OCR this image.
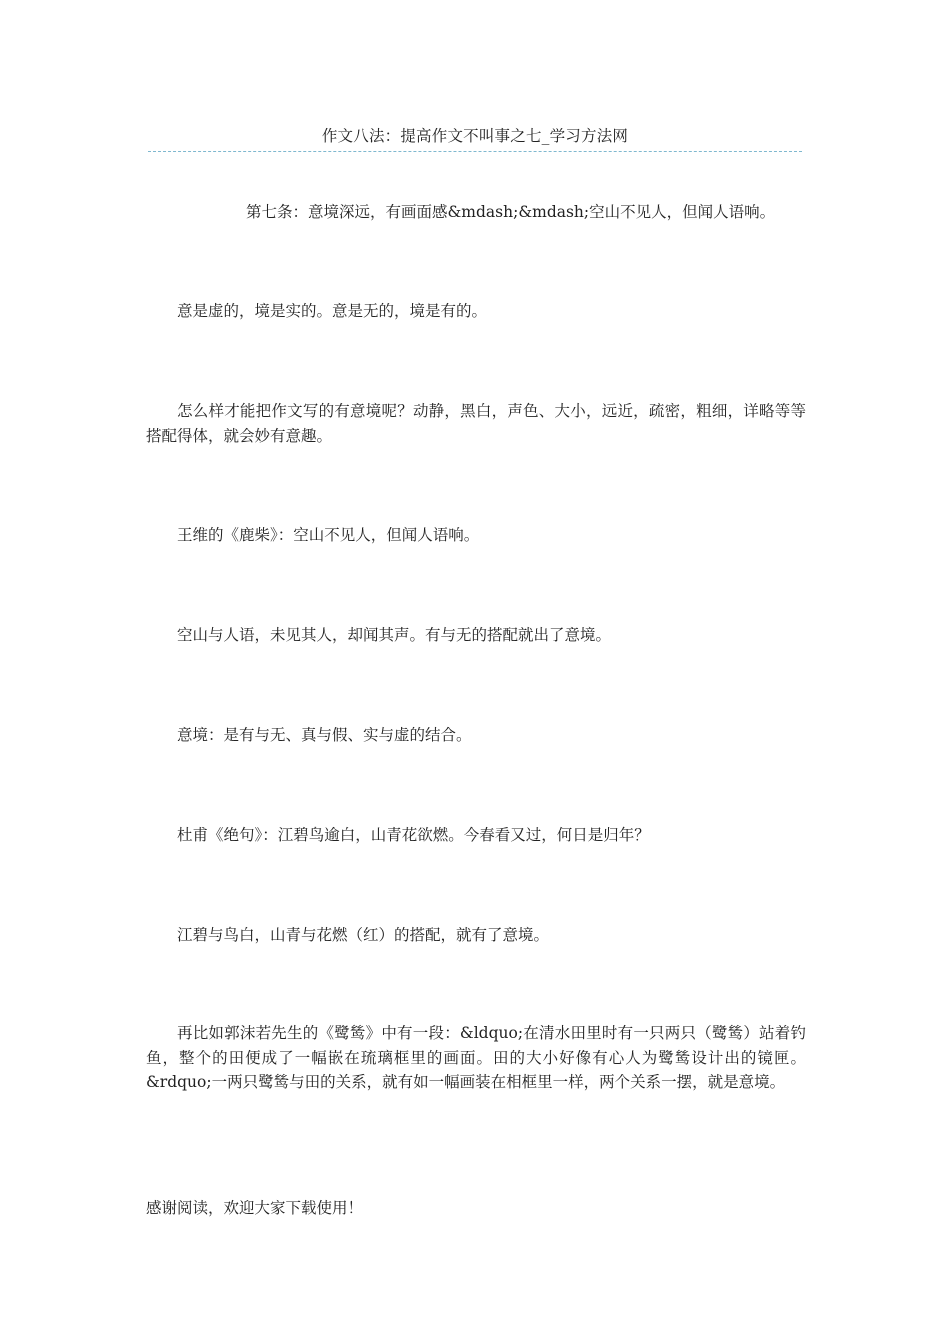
作文八法：提高作文不叫事之七_学习方法网

第七条：意境深远，有画面感&mdash;&mdash;空山不见人，但闻人语响。

意是虚的，境是实的。意是无的，境是有的。

怎么样才能把作文写的有意境呢？动静，黑白，声色、大小，远近，疏密，粗细，详略等等搭配得体，就会妙有意趣。

王维的《鹿柴》：空山不见人，但闻人语响。

空山与人语，未见其人，却闻其声。有与无的搭配就出了意境。

意境：是有与无、真与假、实与虚的结合。

杜甫《绝句》：江碧鸟逾白，山青花欲燃。今春看又过，何日是归年？

江碧与鸟白，山青与花燃（红）的搭配，就有了意境。

再比如郭沫若先生的《鹭鸶》中有一段：&ldquo;在清水田里时有一只两只（鹭鸶）站着钓鱼，整个的田便成了一幅嵌在琉璃框里的画面。田的大小好像有心人为鹭鸶设计出的镜匣。&rdquo;一两只鹭鸶与田的关系，就有如一幅画装在相框里一样，两个关系一摆，就是意境。

感谢阅读，欢迎大家下载使用！
